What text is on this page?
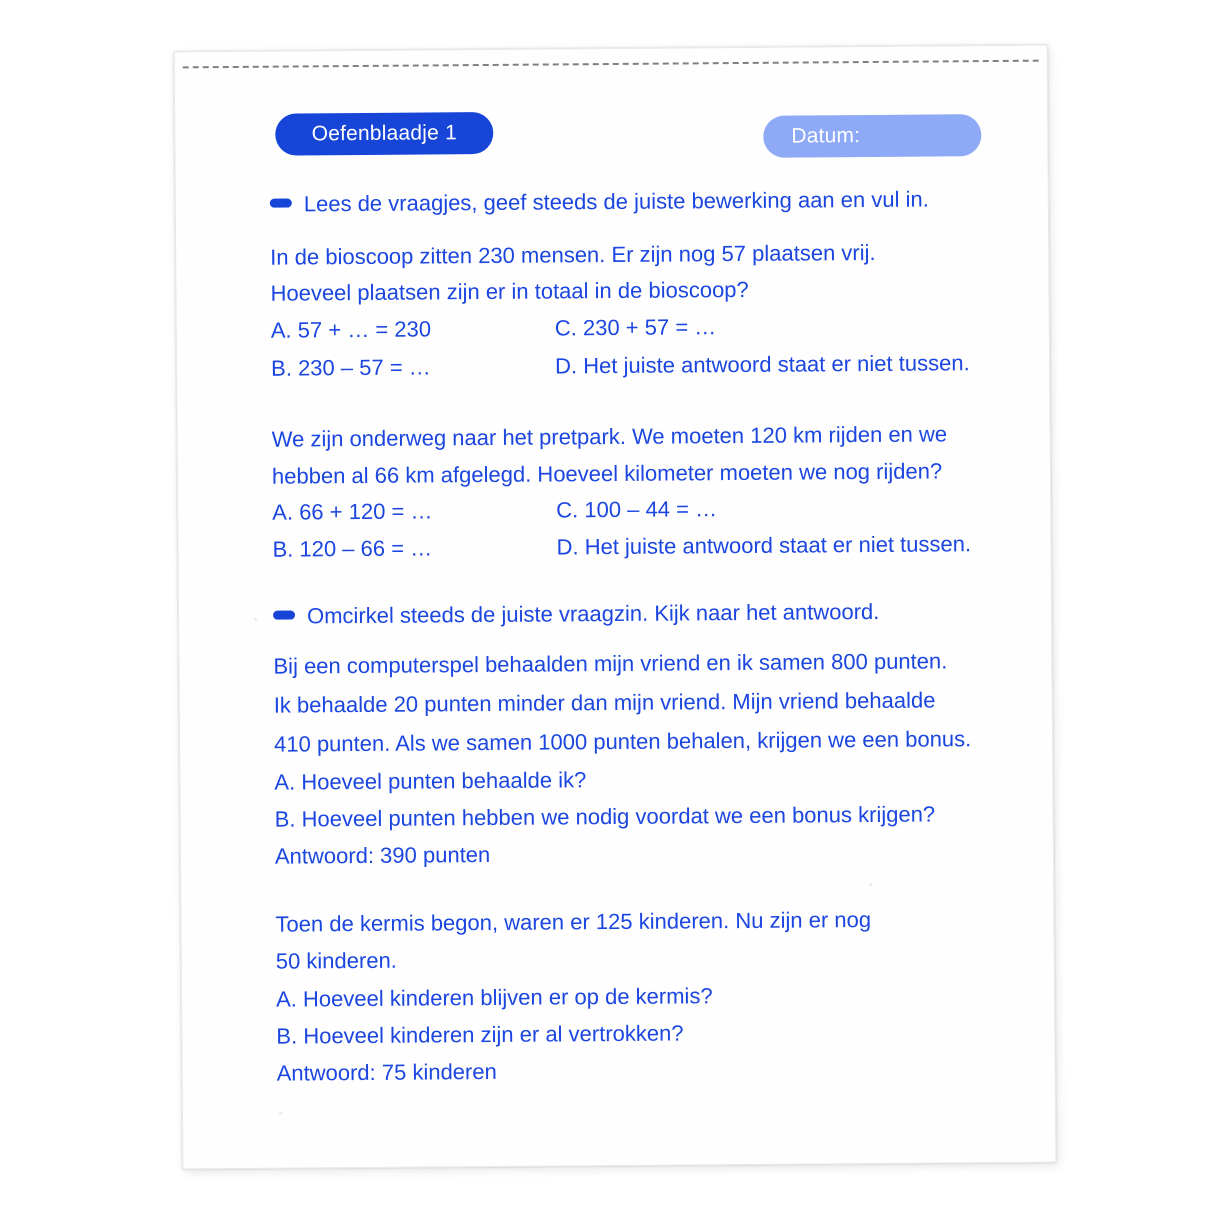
Oefenblaadje 1	Datum:
Lees de vraagjes, geef steeds de juiste bewerking aan en vul in.
In de bioscoop zitten 230 mensen. Er zijn nog 57 plaatsen vrij.
Hoeveel plaatsen zijn er in totaal in de bioscoop?
A. 57 + … = 230	C. 230 + 57 = …
B. 230 – 57 = …	D. Het juiste antwoord staat er niet tussen.
We zijn onderweg naar het pretpark. We moeten 120 km rijden en we
hebben al 66 km afgelegd. Hoeveel kilometer moeten we nog rijden?
A. 66 + 120 = …	C. 100 – 44 = …
B. 120 – 66 = …	D. Het juiste antwoord staat er niet tussen.
Omcirkel steeds de juiste vraagzin. Kijk naar het antwoord.
Bij een computerspel behaalden mijn vriend en ik samen 800 punten.
Ik behaalde 20 punten minder dan mijn vriend. Mijn vriend behaalde
410 punten. Als we samen 1000 punten behalen, krijgen we een bonus.
A. Hoeveel punten behaalde ik?
B. Hoeveel punten hebben we nodig voordat we een bonus krijgen?
Antwoord: 390 punten
Toen de kermis begon, waren er 125 kinderen. Nu zijn er nog
50 kinderen.
A. Hoeveel kinderen blijven er op de kermis?
B. Hoeveel kinderen zijn er al vertrokken?
Antwoord: 75 kinderen
